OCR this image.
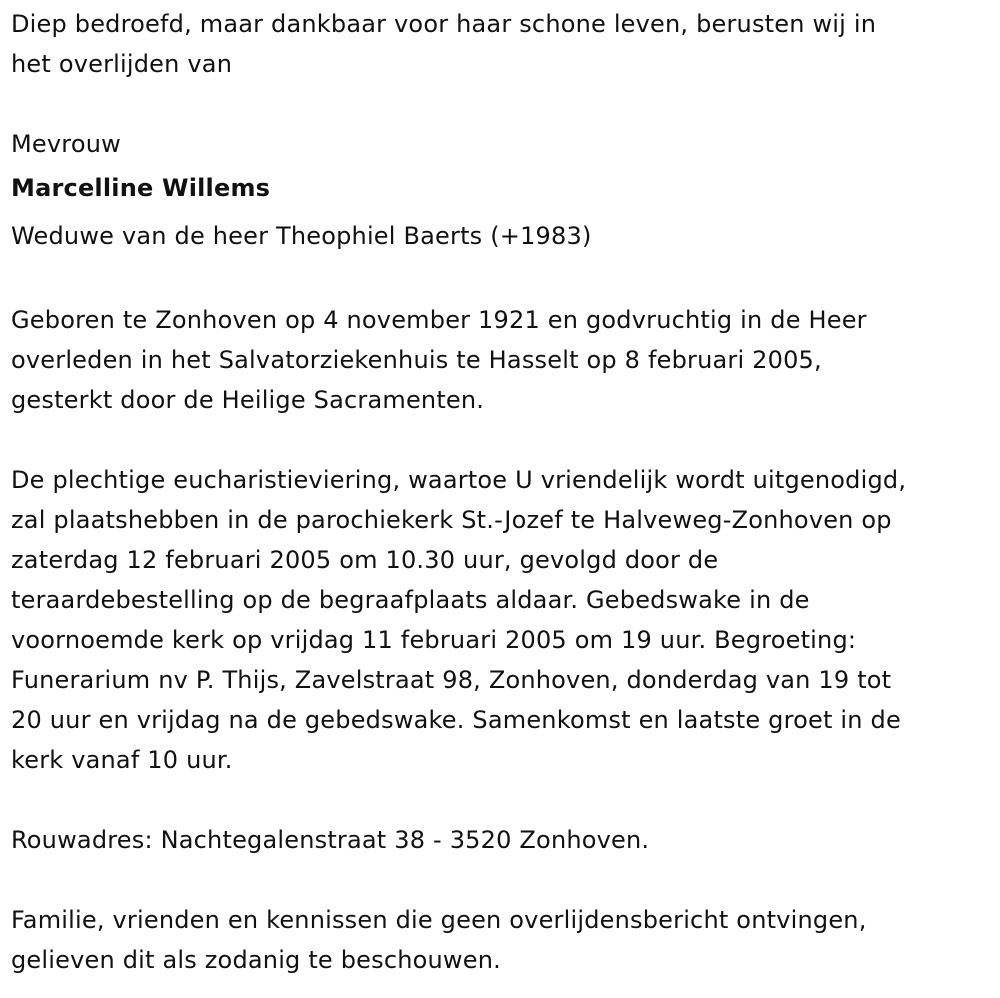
Diep bedroefd, maar dankbaar voor haar schone leven, berusten wij in

het overlijden van

Mevrouw

Marcelline Willems

Weduwe van de heer Theophiel Baerts (+1983)

Geboren te Zonhoven op 4 november 1921 en godvruchtig in de Heer

overleden in het Salvatorziekenhuis te Hasselt op 8 februari 2005,

gesterkt door de Heilige Sacramenten.

De plechtige eucharistieviering, waartoe U vriendelijk wordt uitgenodigd,

zal plaatshebben in de parochiekerk St.-Jozef te Halveweg-Zonhoven op

zaterdag 12 februari 2005 om 10.30 uur, gevolgd door de

teraardebestelling op de begraafplaats aldaar. Gebedswake in de

voornoemde kerk op vrijdag 11 februari 2005 om 19 uur. Begroeting:

Funerarium nv P. Thijs, Zavelstraat 98, Zonhoven, donderdag van 19 tot

20 uur en vrijdag na de gebedswake. Samenkomst en laatste groet in de

kerk vanaf 10 uur.

Rouwadres: Nachtegalenstraat 38 - 3520 Zonhoven.

Familie, vrienden en kennissen die geen overlijdensbericht ontvingen,

gelieven dit als zodanig te beschouwen.
